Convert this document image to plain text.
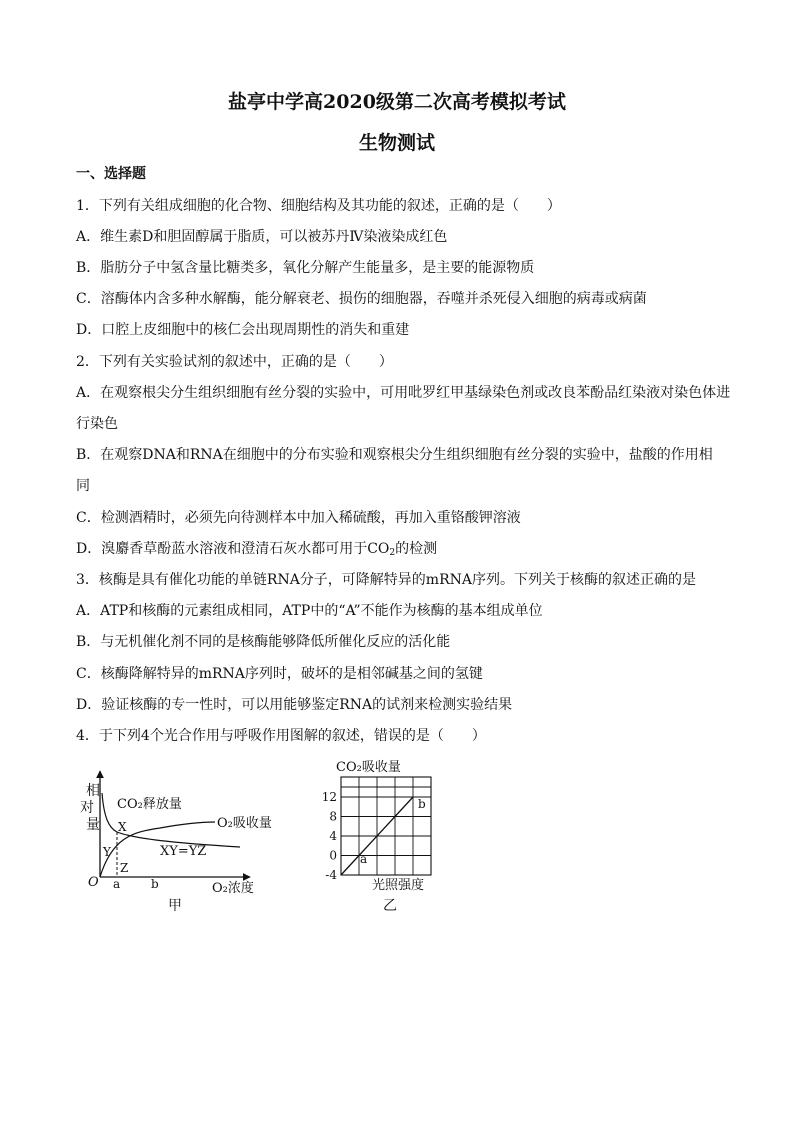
盐亭中学高2020级第二次高考模拟考试
生物测试
一、选择题
1．下列有关组成细胞的化合物、细胞结构及其功能的叙述，正确的是（　　）
A．维生素D和胆固醇属于脂质，可以被苏丹Ⅳ染液染成红色
B．脂肪分子中氢含量比糖类多，氧化分解产生能量多，是主要的能源物质
C．溶酶体内含多种水解酶，能分解衰老、损伤的细胞器，吞噬并杀死侵入细胞的病毒或病菌
D．口腔上皮细胞中的核仁会出现周期性的消失和重建
2．下列有关实验试剂的叙述中，正确的是（　　）
A．在观察根尖分生组织细胞有丝分裂的实验中，可用吡罗红甲基绿染色剂或改良苯酚品红染液对染色体进
行染色
B．在观察DNA和RNA在细胞中的分布实验和观察根尖分生组织细胞有丝分裂的实验中，盐酸的作用相
同
C．检测酒精时，必须先向待测样本中加入稀硫酸，再加入重铬酸钾溶液
D．溴麝香草酚蓝水溶液和澄清石灰水都可用于$CO_2$的检测
3．核酶是具有催化功能的单链RNA分子，可降解特异的mRNA序列。下列关于核酶的叙述正确的是
A．ATP和核酶的元素组成相同，ATP中的“A”不能作为核酶的基本组成单位
B．与无机催化剂不同的是核酶能够降低所催化反应的活化能
C．核酶降解特异的mRNA序列时，破坏的是相邻碱基之间的氢键
D．验证核酶的专一性时，可以用能够鉴定RNA的试剂来检测实验结果
4．于下列4个光合作用与呼吸作用图解的叙述，错误的是（　　）
相
对
量
CO₂释放量
O₂吸收量
X
Y
Z
XY=YZ
O a	b	O₂浓度
甲
CO₂吸收量
12
8
4
0
-4
a
b
光照强度
乙
